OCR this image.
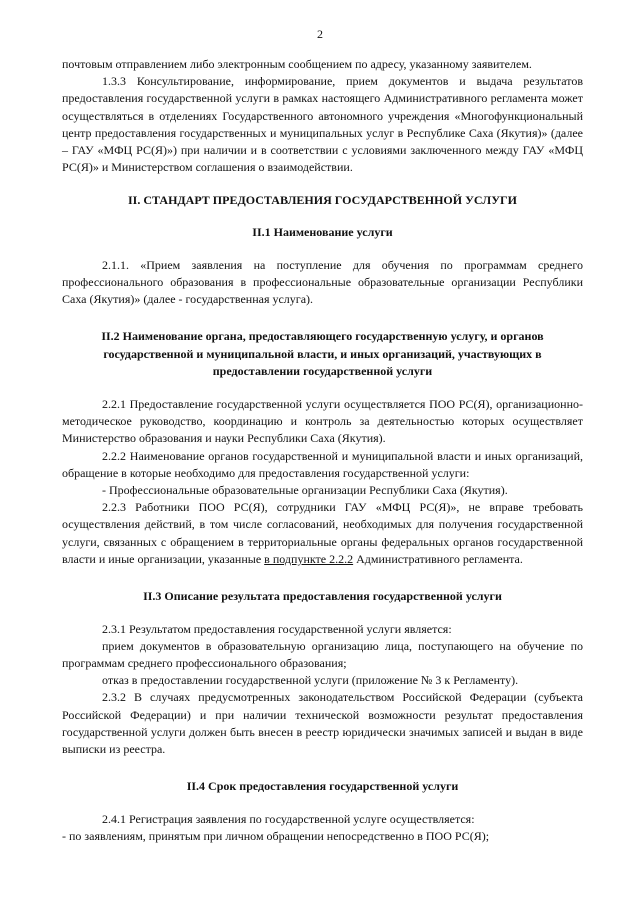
2

почтовым отправлением либо электронным сообщением по адресу, указанному заявителем.

1.3.3 Консультирование, информирование, прием документов и выдача результатов предоставления государственной услуги в рамках настоящего Административного регламента может осуществляться в отделениях Государственного автономного учреждения «Многофункциональный центр предоставления государственных и муниципальных услуг в Республике Саха (Якутия)» (далее – ГАУ «МФЦ РС(Я)») при наличии и в соответствии с условиями заключенного между ГАУ «МФЦ РС(Я)» и Министерством соглашения о взаимодействии.

II. СТАНДАРТ ПРЕДОСТАВЛЕНИЯ ГОСУДАРСТВЕННОЙ УСЛУГИ

II.1 Наименование услуги

2.1.1. «Прием заявления на поступление для обучения по программам среднего профессионального образования в профессиональные образовательные организации Республики Саха (Якутия)» (далее - государственная услуга).

II.2 Наименование органа, предоставляющего государственную услугу, и органов государственной и муниципальной власти, и иных организаций, участвующих в предоставлении государственной услуги

2.2.1 Предоставление государственной услуги осуществляется ПОО РС(Я), организационно-методическое руководство, координацию и контроль за деятельностью которых осуществляет Министерство образования и науки Республики Саха (Якутия).

2.2.2 Наименование органов государственной и муниципальной власти и иных организаций, обращение в которые необходимо для предоставления государственной услуги:

- Профессиональные образовательные организации Республики Саха (Якутия).

2.2.3 Работники ПОО РС(Я), сотрудники ГАУ «МФЦ РС(Я)», не вправе требовать осуществления действий, в том числе согласований, необходимых для получения государственной услуги, связанных с обращением в территориальные органы федеральных органов государственной власти и иные организации, указанные в подпункте 2.2.2 Административного регламента.

II.3 Описание результата предоставления государственной услуги

2.3.1 Результатом предоставления государственной услуги является:

прием документов в образовательную организацию лица, поступающего на обучение по программам среднего профессионального образования;

отказ в предоставлении государственной услуги (приложение № 3 к Регламенту).

2.3.2 В случаях предусмотренных законодательством Российской Федерации (субъекта Российской Федерации) и при наличии технической возможности результат предоставления государственной услуги должен быть внесен в реестр юридически значимых записей и выдан в виде выписки из реестра.

II.4 Срок предоставления государственной услуги

2.4.1 Регистрация заявления по государственной услуге осуществляется:

- по заявлениям, принятым при личном обращении непосредственно в ПОО РС(Я);
